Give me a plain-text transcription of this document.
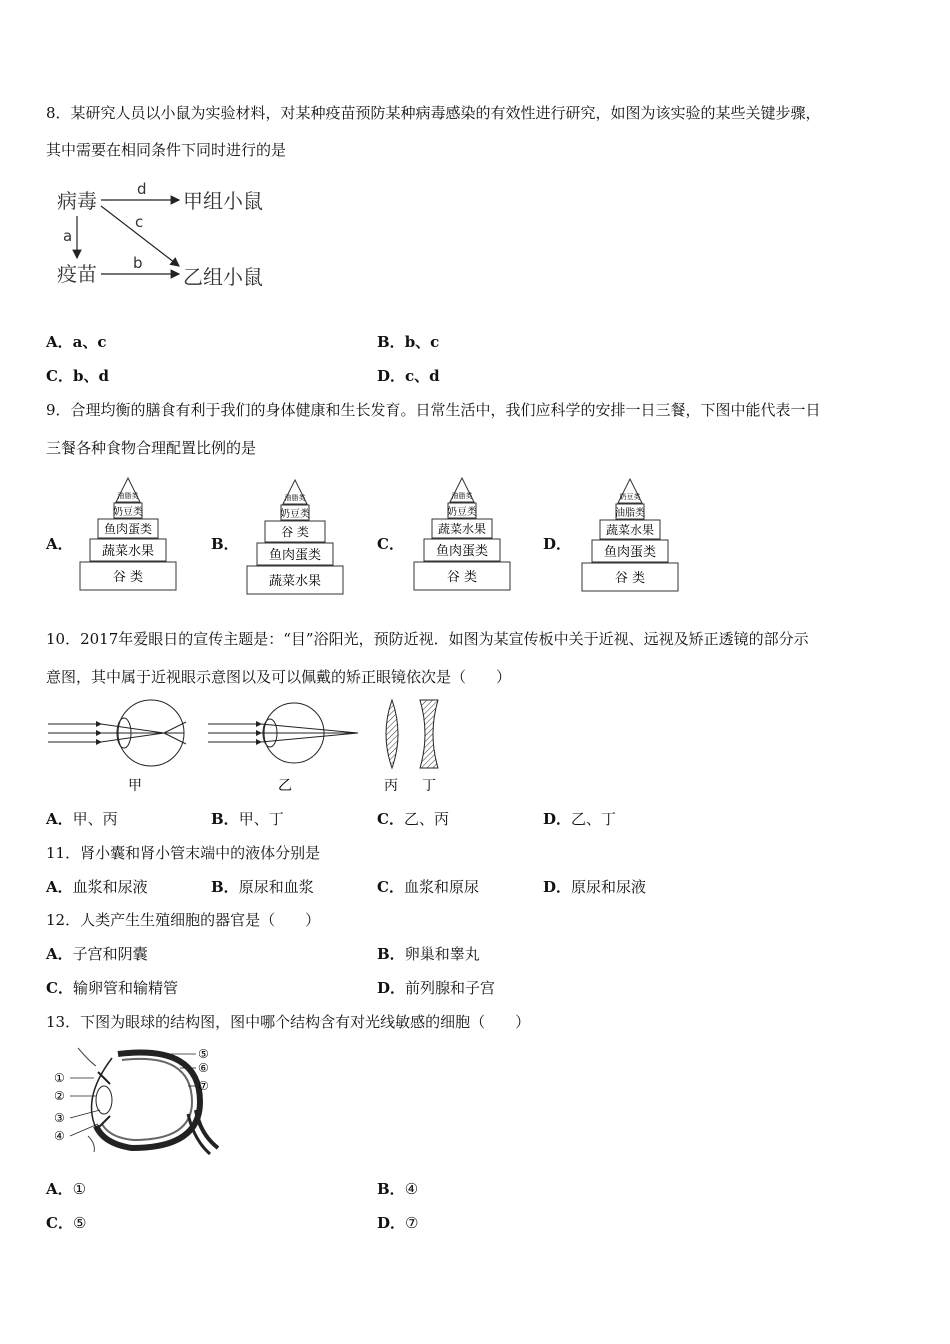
8．某研究人员以小鼠为实验材料，对某种疫苗预防某种病毒感染的有效性进行研究，如图为该实验的某些关键步骤，
其中需要在相同条件下同时进行的是
病毒	甲组小鼠
疫苗	乙组小鼠
d
a
c
b
A．a、c	B．b、c
C．b、d	D．c、d
9．合理均衡的膳食有利于我们的身体健康和生长发育。日常生活中，我们应科学的安排一日三餐，下图中能代表一日
三餐各种食物合理配置比例的是
A．
油脂类
奶豆类
鱼肉蛋类
蔬菜水果
谷 类
B．
油脂类
奶豆类
谷 类
鱼肉蛋类
蔬菜水果
C．
油脂类
奶豆类
蔬菜水果
鱼肉蛋类
谷 类
D．
奶豆类
油脂类
蔬菜水果
鱼肉蛋类
谷 类
10．2017年爱眼日的宣传主题是：“目”浴阳光，预防近视．如图为某宣传板中关于近视、远视及矫正透镜的部分示
意图，其中属于近视眼示意图以及可以佩戴的矫正眼镜依次是（　　）
甲	乙	丙 丁
A．甲、丙	B．甲、丁	C．乙、丙	D．乙、丁
11．肾小囊和肾小管末端中的液体分别是
A．血浆和尿液	B．原尿和血浆	C．血浆和原尿	D．原尿和尿液
12．人类产生生殖细胞的器官是（　　）
A．子宫和阴囊	B．卵巢和睾丸
C．输卵管和输精管	D．前列腺和子宫
13．下图为眼球的结构图，图中哪个结构含有对光线敏感的细胞（　　）
①
②
③
④
⑤
⑥
⑦
A．①	B．④
C．⑤	D．⑦
